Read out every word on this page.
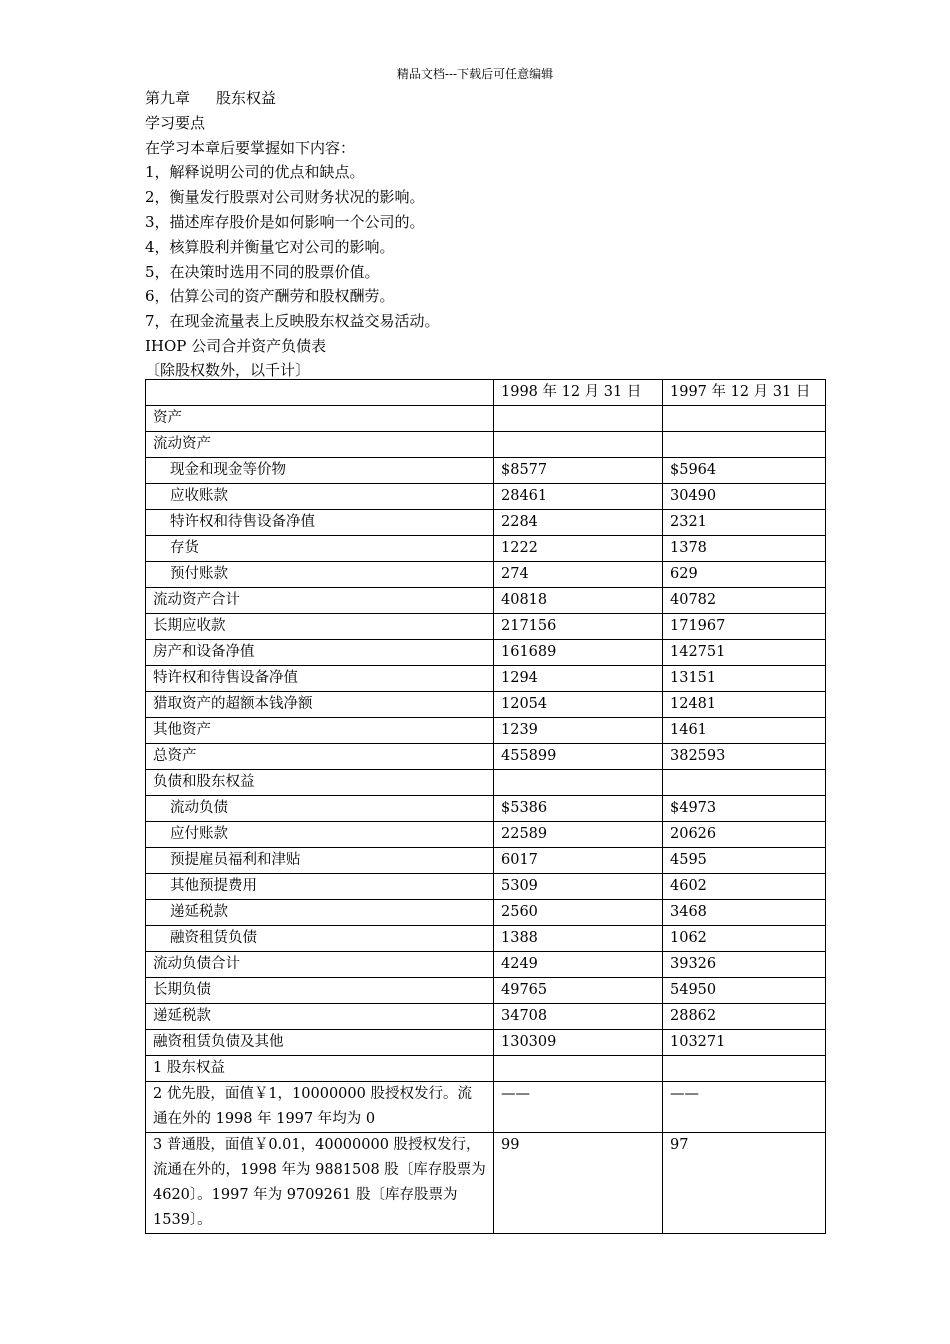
精品文档---下载后可任意编辑
第九章 股东权益
学习要点
在学习本章后要掌握如下内容：
1，解释说明公司的优点和缺点。
2，衡量发行股票对公司财务状况的影响。
3，描述库存股价是如何影响一个公司的。
4，核算股利并衡量它对公司的影响。
5，在决策时选用不同的股票价值。
6，估算公司的资产酬劳和股权酬劳。
7，在现金流量表上反映股东权益交易活动。
IHOP 公司合并资产负债表
〔除股权数外，以千计〕
	1998 年 12 月 31 日	1997 年 12 月 31 日
资产		
流动资产		
现金和现金等价物	$8577	$5964
应收账款	28461	30490
特许权和待售设备净值	2284	2321
存货	1222	1378
预付账款	274	629
流动资产合计	40818	40782
长期应收款	217156	171967
房产和设备净值	161689	142751
特许权和待售设备净值	1294	13151
猎取资产的超额本钱净额	12054	12481
其他资产	1239	1461
总资产	455899	382593
负债和股东权益		
流动负债	$5386	$4973
应付账款	22589	20626
预提雇员福利和津贴	6017	4595
其他预提费用	5309	4602
递延税款	2560	3468
融资租赁负债	1388	1062
流动负债合计	4249	39326
长期负债	49765	54950
递延税款	34708	28862
融资租赁负债及其他	130309	103271
1 股东权益		
2 优先股，面值￥1，10000000 股授权发行。流通在外的 1998 年 1997 年均为 0	——	——
3 普通股，面值￥0.01，40000000 股授权发行，流通在外的，1998 年为 9881508 股〔库存股票为 4620〕。1997 年为 9709261 股〔库存股票为 1539〕。	99	97
